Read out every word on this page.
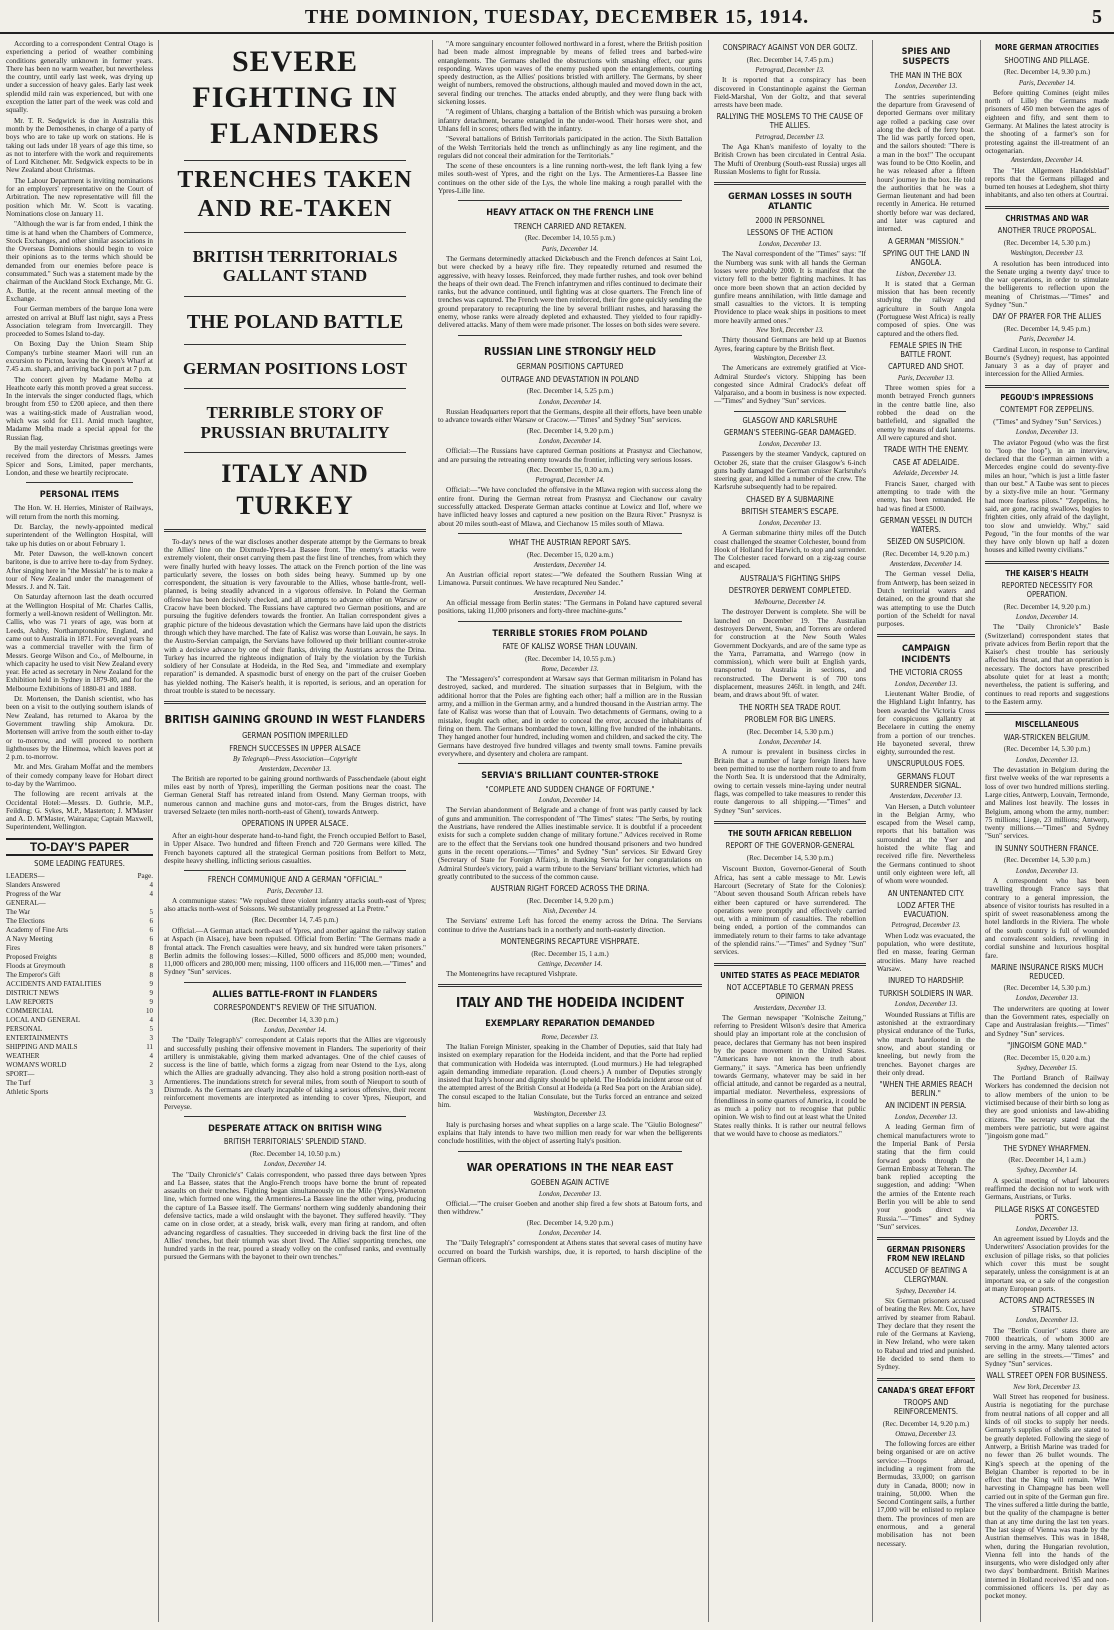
THE DOMINION, TUESDAY, DECEMBER 15, 1914.	5

According to a correspondent Central Otago is experiencing a period of weather combining conditions generally unknown in former years. There has been no warm weather, but nevertheless the country, until early last week, was drying up under a succession of heavy gales. Early last week splendid mild rain was experienced, but with one exception the latter part of the week was cold and squally.

Mr. T. R. Sedgwick is due in Australia this month by the Demosthenes, in charge of a party of boys who are to take up work on stations. He is taking out lads under 18 years of age this time, so as not to interfere with the work and requirements of Lord Kitchener. Mr. Sedgwick expects to be in New Zealand about Christmas.

The Labour Department is inviting nominations for an employers' representative on the Court of Arbitration. The new representative will fill the position which Mr. W. Scott is vacating. Nominations close on January 11.

"Although the war is far from ended, I think the time is at hand when the Chambers of Commerce, Stock Exchanges, and other similar associations in the Overseas Dominions should begin to voice their opinions as to the terms which should be demanded from our enemies before peace is consummated." Such was a statement made by the chairman of the Auckland Stock Exchange, Mr. G. A. Buttle, at the recent annual meeting of the Exchange.

Four German members of the barque Iona were arrested on arrival at Bluff last night, says a Press Association telegram from Invercargill. They proceeded to Somes Island to-day.

On Boxing Day the Union Steam Ship Company's turbine steamer Maori will run an excursion to Picton, leaving the Queen's Wharf at 7.45 a.m. sharp, and arriving back in port at 7 p.m.

The concert given by Madame Melba at Heathcote early this month proved a great success. In the intervals the singer conducted flags, which brought from £50 to £200 apiece, and then there was a waiting-stick made of Australian wood, which was sold for £11. Amid much laughter, Madame Melba made a special appeal for the Russian flag.

By the mail yesterday Christmas greetings were received from the directors of Messrs. James Spicer and Sons, Limited, paper merchants, London, and these we heartily reciprocate.

PERSONAL ITEMS

The Hon. W. H. Herries, Minister of Railways, will return from the north this morning.

Dr. Barclay, the newly-appointed medical superintendent of the Wellington Hospital, will take up his duties on or about February 1.

Mr. Peter Dawson, the well-known concert baritone, is due to arrive here to-day from Sydney. After singing here in "the Messiah" he is to make a tour of New Zealand under the management of Messrs. J. and N. Tait.

On Saturday afternoon last the death occurred at the Wellington Hospital of Mr. Charles Callis, formerly a well-known resident of Wellington. Mr. Callis, who was 71 years of age, was born at Leeds, Ashby, Northamptonshire, England, and came out to Australia in 1871. For several years he was a commercial traveller with the firm of Messrs. George Wilson and Co., of Melbourne, in which capacity he used to visit New Zealand every year. He acted as secretary in New Zealand for the Exhibition held in Sydney in 1879-80, and for the Melbourne Exhibitions of 1880-81 and 1888.

Dr. Mortensen, the Danish scientist, who has been on a visit to the outlying southern islands of New Zealand, has returned to Akaroa by the Government trawling ship Amokura. Dr. Mortensen will arrive from the south either to-day or to-morrow, and will proceed to northern lighthouses by the Hinemoa, which leaves port at 2 p.m. to-morrow.

Mr. and Mrs. Graham Moffat and the members of their comedy company leave for Hobart direct to-day by the Warrimoo.

The following are recent arrivals at the Occidental Hotel:—Messrs. D. Guthrie, M.P., Feilding; G. Sykes, M.P., Masterton; J. M'Master and A. D. M'Master, Wairarapa; Captain Maxwell, Superintendent, Wellington.

TO-DAY'S PAPER
SOME LEADING FEATURES.
LEADERS—	Page.
Slanders Answered	4
Progress of the War	4
GENERAL—
The War	5
The Elections	6
Academy of Fine Arts	6
A Navy Meeting	6
Fires	8
Proposed Freights	8
Floods at Greymouth	8
The Emperor's Gift	8
ACCIDENTS AND FATALITIES	9
DISTRICT NEWS	9
LAW REPORTS	9
COMMERCIAL	10
LOCAL AND GENERAL	4
PERSONAL	5
ENTERTAINMENTS	3
SHIPPING AND MAILS	11
WEATHER	4
WOMAN'S WORLD	2
SPORT—
The Turf	3
Athletic Sports	3
SEVERE FIGHTING IN FLANDERS
TRENCHES TAKEN AND RE-TAKEN
BRITISH TERRITORIALS GALLANT STAND
THE POLAND BATTLE
GERMAN POSITIONS LOST
TERRIBLE STORY OF PRUSSIAN BRUTALITY
ITALY AND TURKEY

To-day's news of the war discloses another desperate attempt by the Germans to break the Allies' line on the Dixmude-Ypres-La Bassee front. The enemy's attacks were extremely violent, their onset carrying them past the first line of trenches, from which they were finally hurled with heavy losses. The attack on the French portion of the line was particularly severe, the losses on both sides being heavy. Summed up by one correspondent, the situation is very favourable to the Allies, whose battle-front, well-planned, is being steadily advanced in a vigorous offensive. In Poland the German offensive has been decisively checked, and all attempts to advance either on Warsaw or Cracow have been blocked. The Russians have captured two German positions, and are pursuing the fugitive defenders towards the frontier. An Italian correspondent gives a graphic picture of the hideous devastation which the Germans have laid upon the districts through which they have marched. The fate of Kalisz was worse than Louvain, he says. In the Austro-Servian campaign, the Servians have followed up their brilliant counter-stroke with a decisive advance by one of their flanks, driving the Austrians across the Drina. Turkey has incurred the righteous indignation of Italy by the violation by the Turkish soldiery of her Consulate at Hodeida, in the Red Sea, and "immediate and exemplary reparation" is demanded. A spasmodic burst of energy on the part of the cruiser Goeben has yielded nothing. The Kaiser's health, it is reported, is serious, and an operation for throat trouble is stated to be necessary.

BRITISH GAINING GROUND IN WEST FLANDERS
GERMAN POSITION IMPERILLED
FRENCH SUCCESSES IN UPPER ALSACE
By Telegraph—Press Association—Copyright
Amsterdam, December 13.

The British are reported to be gaining ground northwards of Passchendaele (about eight miles east by north of Ypres), imperilling the German positions near the coast. The German General Staff has retreated inland from Ostend. Many German troops, with numerous cannon and machine guns and motor-cars, from the Bruges district, have traversed Selzaete (ten miles north-north-east of Ghent), towards Antwerp.

OPERATIONS IN UPPER ALSACE.

After an eight-hour desperate hand-to-hand fight, the French occupied Belfort to Basel, in Upper Alsace. Two hundred and fifteen French and 720 Germans were killed. The French bayonets captured all the strategical German positions from Belfort to Metz, despite heavy shelling, inflicting serious casualties.

FRENCH COMMUNIQUE AND A GERMAN "OFFICIAL."
Paris, December 13.

A communique states: "We repulsed three violent infantry attacks south-east of Ypres; also attacks north-west of Soissons. We substantially progressed at La Pretre."

(Rec. December 14, 7.45 p.m.)

Official.—A German attack north-east of Ypres, and another against the railway station at Aspach (in Alsace), have been repulsed. Official from Berlin: "The Germans made a frontal attack. The French casualties were heavy, and six hundred were taken prisoners." Berlin admits the following losses:—Killed, 5000 officers and 85,000 men; wounded, 11,000 officers and 280,000 men; missing, 1100 officers and 116,000 men.—"Times" and Sydney "Sun" services.

ALLIES BATTLE-FRONT IN FLANDERS
CORRESPONDENT'S REVIEW OF THE SITUATION.
(Rec. December 14, 3.30 p.m.)
London, December 14.

The "Daily Telegraph's" correspondent at Calais reports that the Allies are vigorously and successfully pushing their offensive movement in Flanders. The superiority of their artillery is unmistakable, giving them marked advantages. One of the chief causes of success is the line of battle, which forms a zigzag from near Ostend to the Lys, along which the Allies are gradually advancing. They also hold a strong position north-east of Armentieres. The inundations stretch for several miles, from south of Nieuport to south of Dixmude. As the Germans are clearly incapable of taking a serious offensive, their recent reinforcement movements are interpreted as intending to cover Ypres, Nieuport, and Perveyse.

DESPERATE ATTACK ON BRITISH WING
BRITISH TERRITORIALS' SPLENDID STAND.
(Rec. December 14, 10.50 p.m.)
London, December 14.

The "Daily Chronicle's" Calais correspondent, who passed three days between Ypres and La Bassee, states that the Anglo-French troops have borne the brunt of repeated assaults on their trenches. Fighting began simultaneously on the Mile (Ypres)-Warneton line, which formed one wing, the Armentieres-La Bassee line the other wing, producing the capture of La Bassee itself. The Germans' northern wing suddenly abandoning their defensive tactics, made a wild onslaught with the bayonet. They suffered heavily. "They came on in close order, at a steady, brisk walk, every man firing at random, and often advancing regardless of casualties. They succeeded in driving back the first line of the Allies' trenches, but their triumph was short lived. The Allies' supporting trenches, one hundred yards in the rear, poured a steady volley on the confused ranks, and eventually pursued the Germans with the bayonet to their own trenches."

"A more sanguinary encounter followed northward in a forest, where the British position had been made almost impregnable by means of felled trees and barbed-wire entanglements. The Germans shelled the obstructions with smashing effect, our guns responding. Waves upon waves of the enemy pushed upon the entanglements, courting speedy destruction, as the Allies' positions bristled with artillery. The Germans, by sheer weight of numbers, removed the obstructions, although mauled and moved down in the act, several finding our trenches. The attacks ended abruptly, and they were flung back with sickening losses.

"A regiment of Uhlans, charging a battalion of the British which was pursuing a broken infantry detachment, became entangled in the under-wood. Their horses were shot, and Uhlans fell in scores; others fled with the infantry.

"Several battalions of British Territorials participated in the action. The Sixth Battalion of the Welsh Territorials held the trench as unflinchingly as any line regiment, and the regulars did not conceal their admiration for the Territorials."

The scene of these encounters is a line running north-west, the left flank lying a few miles south-west of Ypres, and the right on the Lys. The Armentieres-La Bassee line continues on the other side of the Lys, the whole line making a rough parallel with the Ypres-Lille line.

HEAVY ATTACK ON THE FRENCH LINE
TRENCH CARRIED AND RETAKEN.
(Rec. December 14, 10.55 p.m.)
Paris, December 14.

The Germans determinedly attacked Dickebusch and the French defences at Saint Loi, but were checked by a heavy rifle fire. They repeatedly returned and resumed the aggressive, with heavy losses. Reinforced, they made further rushes, and took over behind the heaps of their own dead. The French infantrymen and rifles continued to decimate their ranks, but the advance continued, until fighting was at close quarters. The French line of trenches was captured. The French were then reinforced, their fire gone quickly sending the ground preparatory to recapturing the line by several brilliant rushes, and harassing the enemy, whose ranks were already depleted and exhausted. They yielded to four rapidly-delivered attacks. Many of them were made prisoner. The losses on both sides were severe.

RUSSIAN LINE STRONGLY HELD
GERMAN POSITIONS CAPTURED
OUTRAGE AND DEVASTATION IN POLAND
(Rec. December 14, 5.25 p.m.)
London, December 14.

Russian Headquarters report that the Germans, despite all their efforts, have been unable to advance towards either Warsaw or Cracow.—"Times" and Sydney "Sun" services.

(Rec. December 14, 9.20 p.m.)
London, December 14.

Official:—The Russians have captured German positions at Prasnysz and Ciechanow, and are pursuing the retreating enemy towards the frontier, inflicting very serious losses.

(Rec. December 15, 0.30 a.m.)
Petrograd, December 14.

Official:—"We have concluded the offensive in the Mlawa region with success along the entire front. During the German retreat from Prasnysz and Ciechanow our cavalry successfully attacked. Desperate German attacks continue at Lowicz and Ilof, where we have inflicted heavy losses and captured a new position on the Bzura River." Prasnysz is about 20 miles south-east of Mlawa, and Ciechanow 15 miles south of Mlawa.

WHAT THE AUSTRIAN REPORT SAYS.
(Rec. December 15, 0.20 a.m.)
Amsterdam, December 14.

An Austrian official report states:—"We defeated the Southern Russian Wing at Limanowa. Pursuit continues. We have recaptured Neu Sandec."

Amsterdam, December 14.

An official message from Berlin states: "The Germans in Poland have captured several positions, taking 11,000 prisoners and forty-three machine-guns."

TERRIBLE STORIES FROM POLAND
FATE OF KALISZ WORSE THAN LOUVAIN.
(Rec. December 14, 10.55 p.m.)
Rome, December 13.

The "Messagero's" correspondent at Warsaw says that German militarism in Poland has destroyed, sacked, and murdered. The situation surpasses that in Belgium, with the additional horror that the Poles are fighting each other; half a million are in the Russian army, and a million in the German army, and a hundred thousand in the Austrian army. The fate of Kalisz was worse than that of Louvain. Two detachments of Germans, owing to a mistake, fought each other, and in order to conceal the error, accused the inhabitants of firing on them. The Germans bombarded the town, killing five hundred of the inhabitants. They hanged another four hundred, including women and children, and sacked the city. The Germans have destroyed five hundred villages and twenty small towns. Famine prevails everywhere, and dysentery and cholera are rampant.

SERVIA'S BRILLIANT COUNTER-STROKE
"COMPLETE AND SUDDEN CHANGE OF FORTUNE."
London, December 14.

The Servian abandonment of Belgrade and a change of front was partly caused by lack of guns and ammunition. The correspondent of "The Times" states: "The Serbs, by routing the Austrians, have rendered the Allies inestimable service. It is doubtful if a proceedent exists for such a complete sudden change of military fortune." Advices received in Rome are to the effect that the Servians took one hundred thousand prisoners and two hundred guns in the recent operations.—"Times" and Sydney "Sun" services. Sir Edward Grey (Secretary of State for Foreign Affairs), in thanking Servia for her congratulations on Admiral Sturdee's victory, paid a warm tribute to the Servians' brilliant victories, which had greatly contributed to the success of the common cause.

AUSTRIAN RIGHT FORCED ACROSS THE DRINA.
(Rec. December 14, 9.20 p.m.)
Nish, December 14.

The Servians' extreme Left has forced the enemy across the Drina. The Servians continue to drive the Austrians back in a northerly and north-easterly direction.

MONTENEGRINS RECAPTURE VISHPRATE.
(Rec. December 15, 1 a.m.)
Cettinge, December 14.

The Montenegrins have recaptured Vishprate.

ITALY AND THE HODEIDA INCIDENT
EXEMPLARY REPARATION DEMANDED
Rome, December 13.

The Italian Foreign Minister, speaking in the Chamber of Deputies, said that Italy had insisted on exemplary reparation for the Hodeida incident, and that the Porte had replied that communication with Hodeida was interrupted. (Loud murmurs.) He had telegraphed again demanding immediate reparation. (Loud cheers.) A number of Deputies strongly insisted that Italy's honour and dignity should be upheld. The Hodeida incident arose out of the attempted arrest of the British Consul at Hodeida (a Red Sea port on the Arabian side). The consul escaped to the Italian Consulate, but the Turks forced an entrance and seized him.

Washington, December 13.

Italy is purchasing horses and wheat supplies on a large scale. The "Giulio Bolognese" explains that Italy intends to have two million men ready for war when the belligerents conclude hostilities, with the object of asserting Italy's position.

WAR OPERATIONS IN THE NEAR EAST
GOEBEN AGAIN ACTIVE
London, December 13.

Official.—"The cruiser Goeben and another ship fired a few shots at Batoum forts, and then withdrew."

(Rec. December 14, 9.20 p.m.)
London, December 14.

The "Daily Telegraph's" correspondent at Athens states that several cases of mutiny have occurred on board the Turkish warships, due, it is reported, to harsh discipline of the German officers.

CONSPIRACY AGAINST VON DER GOLTZ.
(Rec. December 14, 7.45 p.m.)
Petrograd, December 13.

It is reported that a conspiracy has been discovered in Constantinople against the German Field-Marshal, Von der Goltz, and that several arrests have been made.

RALLYING THE MOSLEMS TO THE CAUSE OF THE ALLIES.
Petrograd, December 13.

The Aga Khan's manifesto of loyalty to the British Crown has been circulated in Central Asia. The Mufti of Orenburg (South-east Russia) urges all Russian Moslems to fight for Russia.

GERMAN LOSSES IN SOUTH ATLANTIC
2000 IN PERSONNEL
LESSONS OF THE ACTION
London, December 13.

The Naval correspondent of the "Times" says: "If the Nurnberg was sunk with all hands the German losses were probably 2000. It is manifest that the victory fell to the better fighting machines. It has once more been shown that an action decided by gunfire means annihilation, with little damage and small casualties to the victors. It is tempting Providence to place weak ships in positions to meet more heavily armed ones."

New York, December 13.

Thirty thousand Germans are held up at Buenos Ayres, fearing capture by the British fleet.

Washington, December 13.

The Americans are extremely gratified at Vice-Admiral Sturdee's victory. Shipping has been congested since Admiral Cradock's defeat off Valparaiso, and a boom in business is now expected.—"Times" and Sydney "Sun" services.

GLASGOW AND KARLSRUHE
GERMAN'S STEERING-GEAR DAMAGED.
London, December 13.

Passengers by the steamer Vandyck, captured on October 26, state that the cruiser Glasgow's 6-inch guns badly damaged the German cruiser Karlsruhe's steering gear, and killed a number of the crew. The Karlsruhe subsequently had to be repaired.

CHASED BY A SUBMARINE
BRITISH STEAMER'S ESCAPE.
London, December 13.

A German submarine thirty miles off the Dutch coast challenged the steamer Colchester, bound from Hook of Holland for Harwich, to stop and surrender. The Colchester raced forward on a zig-zag course and escaped.

AUSTRALIA'S FIGHTING SHIPS
DESTROYER DERWENT COMPLETED.
Melbourne, December 14.

The destroyer Derwent is complete. She will be launched on December 19. The Australian destroyers Derwent, Swan, and Torrens are ordered for construction at the New South Wales Government Dockyards, and are of the same type as the Yarra, Parramatta, and Warrego (now in commission), which were built at English yards, transported to Australia in sections, and reconstructed. The Derwent is of 700 tons displacement, measures 246ft. in length, and 24ft. beam, and draws about 9ft. of water.

THE NORTH SEA TRADE ROUT.
PROBLEM FOR BIG LINERS.
(Rec. December 14, 5.30 p.m.)
London, December 14.

A rumour is prevalent in business circles in Britain that a number of large foreign liners have been permitted to use the northern route to and from the North Sea. It is understood that the Admiralty, owing to certain vessels mine-laying under neutral flags, was compelled to take measures to render this route dangerous to all shipping.—"Times" and Sydney "Sun" services.

THE SOUTH AFRICAN REBELLION
REPORT OF THE GOVERNOR-GENERAL
(Rec. December 14, 5.30 p.m.)

Viscount Buxton, Governor-General of South Africa, has sent a cable message to Mr. Lewis Harcourt (Secretary of State for the Colonies): "About seven thousand South African rebels have either been captured or have surrendered. The operations were promptly and effectively carried out, with a minimum of casualties. The rebellion being ended, a portion of the commandos can immediately return to their farms to take advantage of the splendid rains."—"Times" and Sydney "Sun" services.

UNITED STATES AS PEACE MEDIATOR
NOT ACCEPTABLE TO GERMAN PRESS OPINION
Amsterdam, December 13.

The German newspaper "Kolnische Zeitung," referring to President Wilson's desire that America should play an important role at the conclusion of peace, declares that Germany has not been inspired by the peace movement in the United States. "Americans have not known the truth about Germany," it says. "America has been unfriendly towards Germany, whatever may be said in her official attitude, and cannot be regarded as a neutral, impartial mediator. Nevertheless, expressions of friendliness in some quarters of America, it could be as much a policy not to recognise that public opinion. We wish to find out at least what the United States really thinks. It is rather our neutral fellows that we would have to choose as mediators."

SPIES AND SUSPECTS
THE MAN IN THE BOX
London, December 13.

The sentries superintending the departure from Gravesend of deported Germans over military age rolled a packing case over along the deck of the ferry boat. The lid was partly forced open, and the sailors shouted: "There is a man in the box!" The occupant was found to be Otto Koelin, and he was released after a fifteen hours' journey in the box. He told the authorities that he was a German lieutenant and had been recently in America. He returned shortly before war was declared, and later was captured and interned.

A GERMAN "MISSION."
SPYING OUT THE LAND IN ANGOLA.
Lisbon, December 13.

It is stated that a German mission that has been recently studying the railway and agriculture in South Angola (Portuguese West Africa) is really composed of spies. One was captured and the others fled.

FEMALE SPIES IN THE BATTLE FRONT.
CAPTURED AND SHOT.
Paris, December 13.

Three women spies for a month betrayed French gunners in the centre battle line, also robbed the dead on the battlefield, and signalled the enemy by means of dark lanterns. All were captured and shot.

TRADE WITH THE ENEMY.
CASE AT ADELAIDE.
Adelaide, December 14.

Francis Sauer, charged with attempting to trade with the enemy, has been remanded. He had was fined at £5000.

GERMAN VESSEL IN DUTCH WATERS.
SEIZED ON SUSPICION.
(Rec. December 14, 9.20 p.m.)
Amsterdam, December 14.

The German vessel Delia, from Antwerp, has been seized in Dutch territorial waters and detained, on the ground that she was attempting to use the Dutch portion of the Scheldt for naval purposes.

CAMPAIGN INCIDENTS
THE VICTORIA CROSS
London, December 13.

Lieutenant Walter Brodie, of the Highland Light Infantry, has been awarded the Victoria Cross for conspicuous gallantry at Becelaere in cutting the enemy from a portion of our trenches. He bayoneted several, threw eighty, surrounded the rest.

UNSCRUPULOUS FOES.
GERMANS FLOUT SURRENDER SIGNAL.
Amsterdam, December 13.

Van Hersen, a Dutch volunteer in the Belgian Army, who escaped from the Wesel camp, reports that his battalion was surrounded at the Yser and hoisted the white flag and received rifle fire. Nevertheless the Germans continued to shoot until only eighteen were left, all of whom were wounded.

AN UNTENANTED CITY.
LODZ AFTER THE EVACUATION.
Petrograd, December 13.

When Lodz was evacuated, the population, who were destitute, fled en masse, fearing German atrocities. Many have reached Warsaw.

INURED TO HARDSHIP.
TURKISH SOLDIERS IN WAR.
London, December 13.

Wounded Russians at Tiflis are astonished at the extraordinary physical endurance of the Turks, who march barefooted in the snow, and about standing or kneeling, but newly from the trenches. Bayonet charges are their only dread.

"WHEN THE ARMIES REACH BERLIN."
AN INCIDENT IN PERSIA.
London, December 13.

A leading German firm of chemical manufacturers wrote to the Imperial Bank of Persia stating that the firm could forward goods through the German Embassy at Teheran. The bank replied accepting the suggestion, and adding: "When the armies of the Entente reach Berlin you will be able to send your goods direct via Russia."—"Times" and Sydney "Sun" services.

GERMAN PRISONERS FROM NEW IRELAND
ACCUSED OF BEATING A CLERGYMAN.
Sydney, December 14.

Six German prisoners accused of beating the Rev. Mr. Cox, have arrived by steamer from Rabaul. They declare that they resent the rule of the Germans at Kavieng, in New Ireland, who were taken to Rabaul and tried and punished. He decided to send them to Sydney.

CANADA'S GREAT EFFORT
TROOPS AND REINFORCEMENTS.
(Rec. December 14, 9.20 p.m.)
Ottawa, December 13.

The following forces are either being organised or are on active service:—Troops abroad, including a regiment from the Bermudas, 33,000; on garrison duty in Canada, 8000; now in training, 50,000. When the Second Contingent sails, a further 17,000 will be enlisted to replace them. The provinces of men are enormous, and a general mobilisation has not been necessary.

MORE GERMAN ATROCITIES
SHOOTING AND PILLAGE.
(Rec. December 14, 9.30 p.m.)
Paris, December 14.

Before quitting Comines (eight miles north of Lille) the Germans made prisoners of 450 men between the ages of eighteen and fifty, and sent them to Germany. At Malines the latest atrocity is the shooting of a farmer's son for protesting against the ill-treatment of an octogenarian.

Amsterdam, December 14.

The "Het Allgemeen Handelsblad" reports that the Germans pillaged and burned ten houses at Ledeghem, shot thirty inhabitants, and also ten others at Courtrai.

CHRISTMAS AND WAR
ANOTHER TRUCE PROPOSAL.
(Rec. December 14, 5.30 p.m.)
Washington, December 13.

A resolution has been introduced into the Senate urging a twenty days' truce to the war operations, in order to stimulate the belligerents to reflection upon the meaning of Christmas.—"Times" and Sydney "Sun."

DAY OF PRAYER FOR THE ALLIES
(Rec. December 14, 9.45 p.m.)
Paris, December 14.

Cardinal Lucon, in response to Cardinal Bourne's (Sydney) request, has appointed January 3 as a day of prayer and intercession for the Allied Armies.

PEGOUD'S IMPRESSIONS
CONTEMPT FOR ZEPPELINS.
("Times" and Sydney "Sun" Services.)
London, December 13.

The aviator Pegoud (who was the first to "loop the loop"), in an interview, declared that the German airmen with a Mercedes engine could do seventy-five miles an hour, "which is just a little faster than our best." A Taube was sent to pieces by a sixty-five mile an hour. "Germany had more fearless pilots." "Zeppelins, he said, are gone, racing swallows, bogies to frighten cities, only afraid of the daylight, too slow and unwieldy. Why," said Pegoud, "in the four months of the war they have only blown up half a dozen houses and killed twenty civilians."

THE KAISER'S HEALTH
REPORTED NECESSITY FOR OPERATION.
(Rec. December 14, 9.20 p.m.)
London, December 14.

The "Daily Chronicle's" Basle (Switzerland) correspondent states that private advices from Berlin report that the Kaiser's chest trouble has seriously affected his throat, and that an operation is necessary. The doctors have prescribed absolute quiet for at least a month; nevertheless, the patient is suffering, and continues to read reports and suggestions to the Eastern army.

MISCELLANEOUS
WAR-STRICKEN BELGIUM.
(Rec. December 14, 5.30 p.m.)
London, December 13.

The devastation in Belgium during the first twelve weeks of the war represents a loss of over two hundred millions sterling. Large cities, Antwerp, Louvain, Termonde, and Malines lost heavily. The losses in Belgium, among whom the army, number: 75 millions; Liege, 23 millions; Antwerp, twenty millions.—"Times" and Sydney "Sun" services.

IN SUNNY SOUTHERN FRANCE.
(Rec. December 14, 5.30 p.m.)
London, December 13.

A correspondent who has been travelling through France says that contrary to a general impression, the absence of visitor tourists has resulted in a spirit of sweet reasonableness among the hotel landlords in the Riviera. The whole of the south country is full of wounded and convalescent soldiers, revelling in cordial sunshine and luxurious hospital fare.

MARINE INSURANCE RISKS MUCH REDUCED.
(Rec. December 14, 5.30 p.m.)
London, December 13.

The underwriters are quoting at lower than the Government rates, especially on Cape and Australasian freights.—"Times" and Sydney "Sun" services.

"JINGOISM GONE MAD."
(Rec. December 15, 0.20 a.m.)
Sydney, December 15.

The Portland Branch of Railway Workers has condemned the decision not to allow members of the union to be victimised because of their birth so long as they are good unionists and law-abiding citizens. The secretary stated that the members were patriotic, but were against "jingoism gone mad."

THE SYDNEY WHARFMEN.
(Rec. December 14, 1 a.m.)
Sydney, December 14.

A special meeting of wharf labourers reaffirmed the decision not to work with Germans, Austrians, or Turks.

PILLAGE RISKS AT CONGESTED PORTS.
London, December 13.

An agreement issued by Lloyds and the Underwriters' Association provides for the exclusion of pillage risks, so that policies which cover this must be sought separately, unless the consignment is at an important sea, or a sale of the congestion at many European ports.

ACTORS AND ACTRESSES IN STRAITS.
London, December 13.

The "Berlin Courier" states there are 7000 theatricals, of whom 3000 are serving in the army. Many talented actors are selling in the streets.—"Times" and Sydney "Sun" services.

WALL STREET OPEN FOR BUSINESS.
New York, December 13.

Wall Street has reopened for business. Austria is negotiating for the purchase from neutral nations of all copper and all kinds of oil stocks to supply her needs. Germany's supplies of shells are stated to be greatly depleted. Following the siege of Antwerp, a British Marine was traded for no fewer than 26 bullet wounds. The King's speech at the opening of the Belgian Chamber is reported to be in effect that the King will remain. Wine harvesting in Champagne has been well carried out in spite of the German gun fire. The vines suffered a little during the battle, but the quality of the champagne is better than at any time during the last ten years. The last siege of Vienna was made by the Austrian themselves. This was in 1848, when, during the Hungarian revolution, Vienna fell into the hands of the insurgents, who were dislodged only after two days' bombardment. British Marines interned in Holland received \$5 and non-commissioned officers 1s. per day as pocket money.
